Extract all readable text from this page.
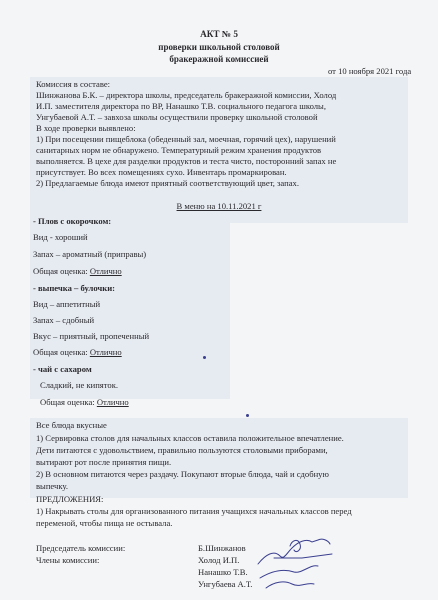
АКТ № 5
проверки школьной столовой
бракеражной комиссией
от 10 ноября 2021 года
Комиссия в составе:
Шинжанова Б.К. – директора школы, председатель бракеражной комиссии, Холод
И.П. заместителя директора по ВР, Нанашко Т.В. социального педагога школы,
Унгубаевой А.Т. – завхоза школы осуществили проверку школьной столовой
В ходе проверки выявлено:
1) При посещении пищеблока (обеденный зал, моечная, горячий цех), нарушений
санитарных норм не обнаружено. Температурный режим хранения продуктов
выполняется. В цехе для разделки продуктов и теста чисто, посторонний запах не
присутствует. Во всех помещениях сухо. Инвентарь промаркирован.
2) Предлагаемые блюда имеют приятный соответствующий цвет, запах.
В меню на 10.11.2021 г
- Плов с окорочком:
Вид - хороший
Запах – ароматный (приправы)
Общая оценка: Отлично
- выпечка – булочки:
Вид – аппетитный
Запах – сдобный
Вкус – приятный, пропеченный
Общая оценка: Отлично
- чай с сахаром
Сладкий, не кипяток.
Общая оценка: Отлично
Все блюда вкусные
1) Сервировка столов для начальных классов оставила положительное впечатление.
Дети питаются с удовольствием, правильно пользуются столовыми приборами,
вытирают рот после принятия пищи.
2) В основном питаются через раздачу. Покупают вторые блюда, чай и сдобную
выпечку.
ПРЕДЛОЖЕНИЯ:
1) Накрывать столы для организованного питания учащихся начальных классов перед
переменой, чтобы пища не остывала.
Председатель комиссии:
Члены комиссии:
Б.Шинжанов
Холод И.П.
Нанашко Т.В.
Унгубаева А.Т.
